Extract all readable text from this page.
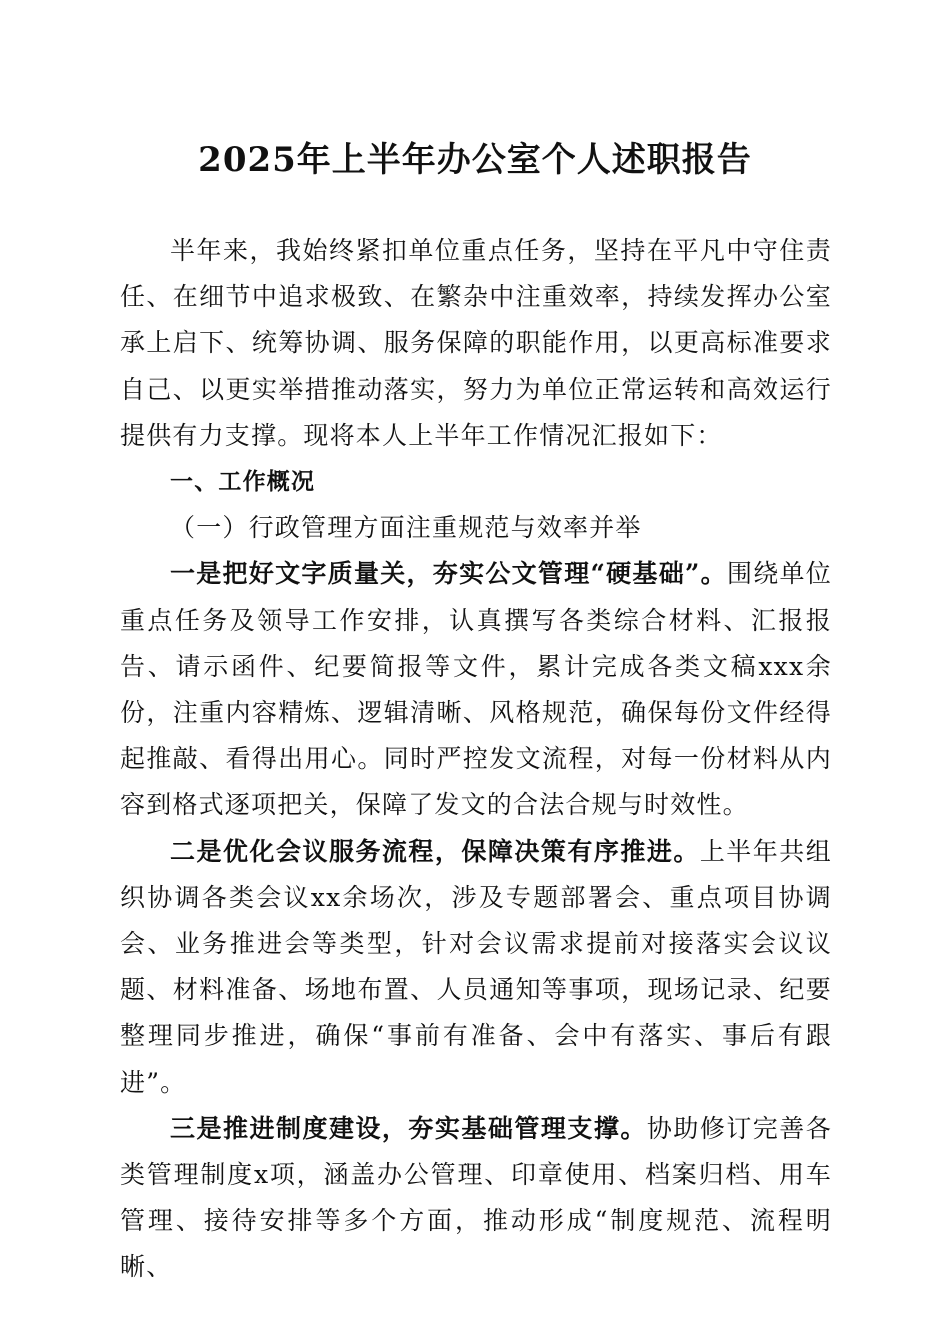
2025年上半年办公室个人述职报告

半年来，我始终紧扣单位重点任务，坚持在平凡中守住责任、在细节中追求极致、在繁杂中注重效率，持续发挥办公室承上启下、统筹协调、服务保障的职能作用，以更高标准要求自己、以更实举措推动落实，努力为单位正常运转和高效运行提供有力支撑。现将本人上半年工作情况汇报如下：

一、工作概况

（一）行政管理方面注重规范与效率并举

一是把好文字质量关，夯实公文管理“硬基础”。围绕单位重点任务及领导工作安排，认真撰写各类综合材料、汇报报告、请示函件、纪要简报等文件，累计完成各类文稿xxx余份，注重内容精炼、逻辑清晰、风格规范，确保每份文件经得起推敲、看得出用心。同时严控发文流程，对每一份材料从内容到格式逐项把关，保障了发文的合法合规与时效性。

二是优化会议服务流程，保障决策有序推进。上半年共组织协调各类会议xx余场次，涉及专题部署会、重点项目协调会、业务推进会等类型，针对会议需求提前对接落实会议议题、材料准备、场地布置、人员通知等事项，现场记录、纪要整理同步推进，确保“事前有准备、会中有落实、事后有跟进”。

三是推进制度建设，夯实基础管理支撑。协助修订完善各类管理制度x项，涵盖办公管理、印章使用、档案归档、用车管理、接待安排等多个方面，推动形成“制度规范、流程明晰、
